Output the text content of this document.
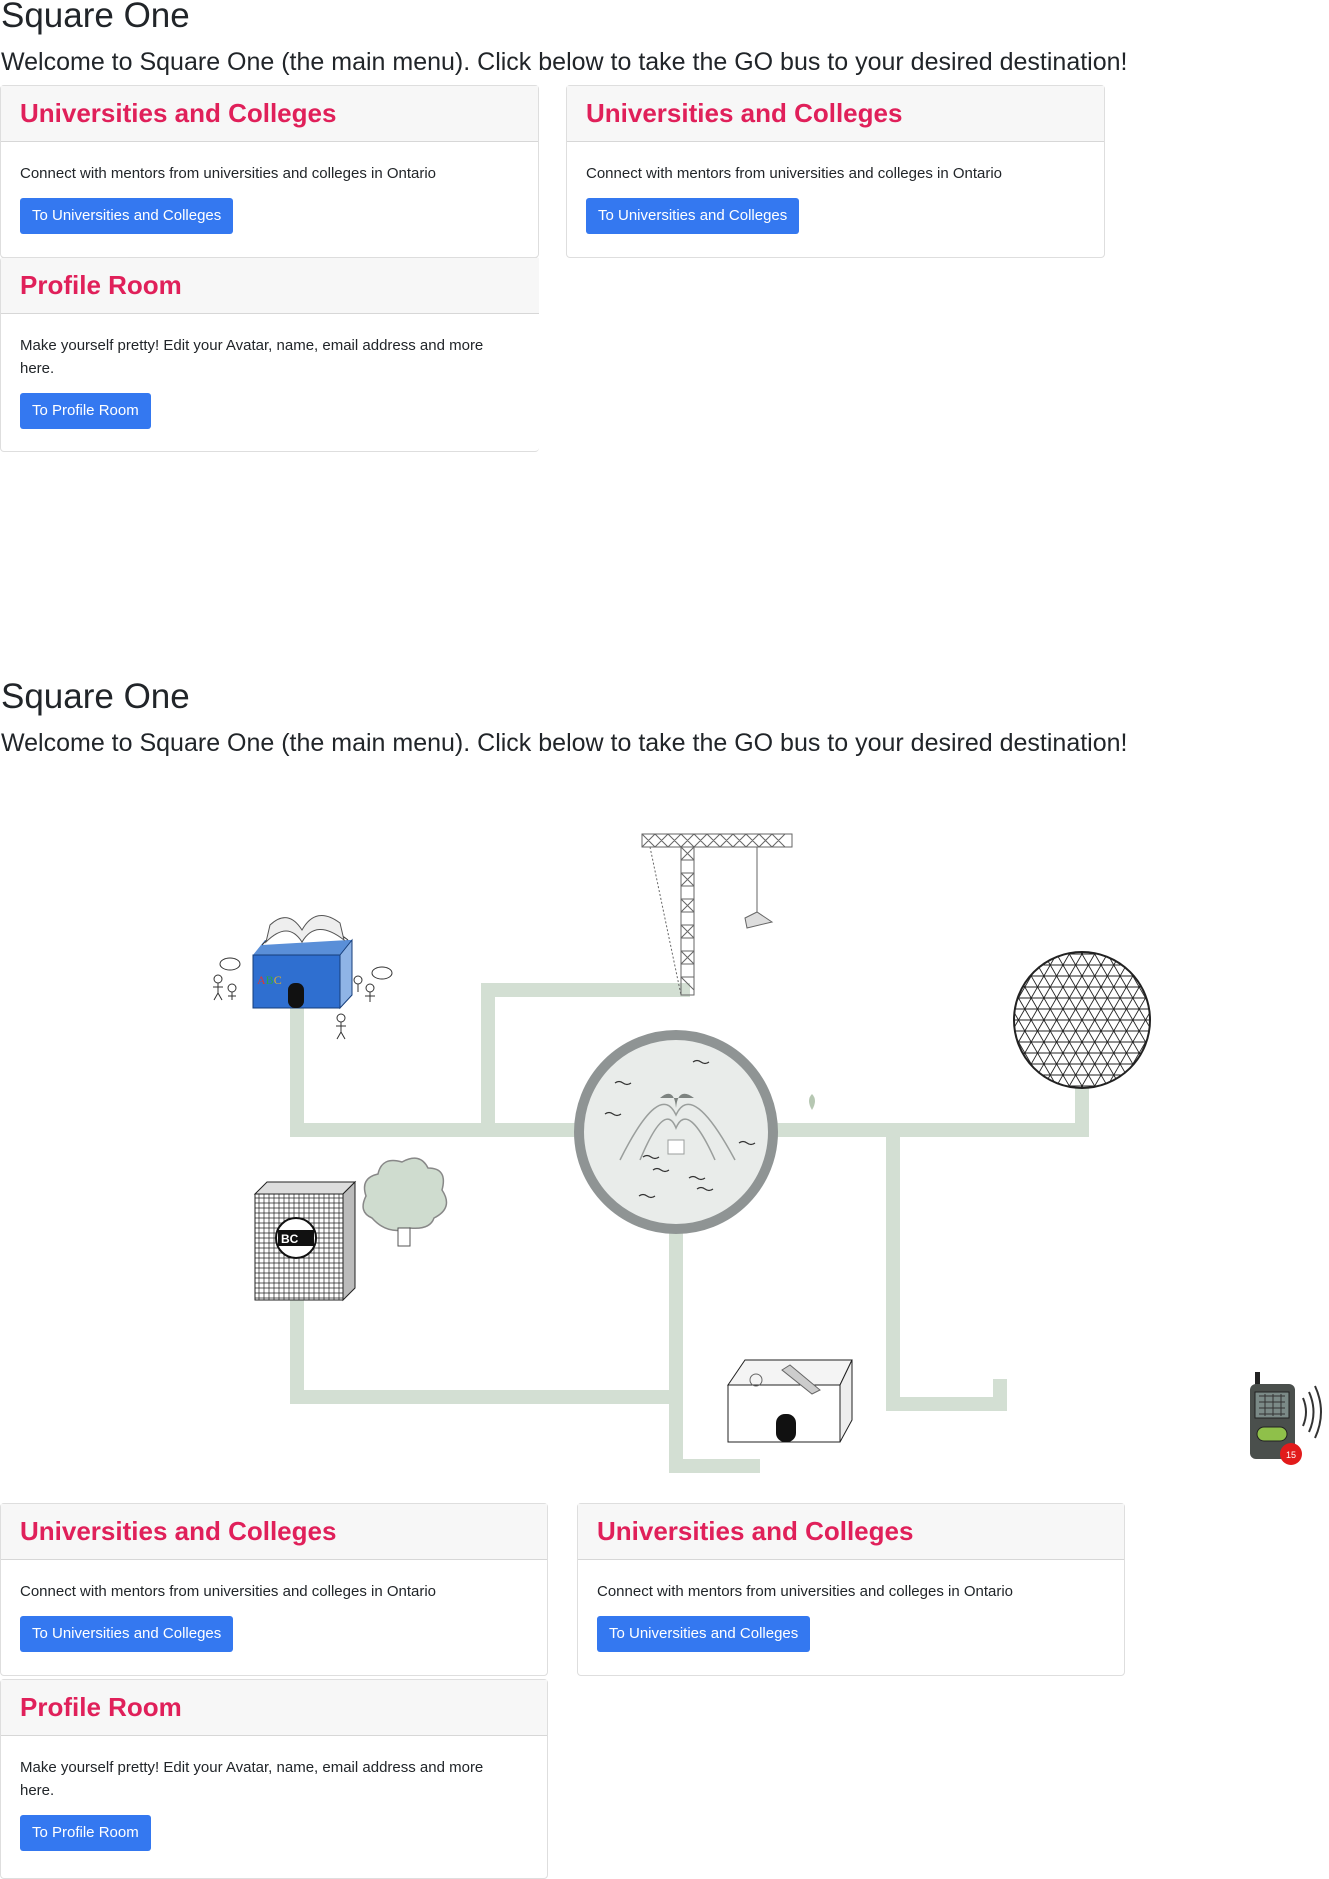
Square One

Welcome to Square One (the main menu). Click below to take the GO bus to your desired destination!

Universities and Colleges

Connect with mentors from universities and colleges in Ontario

To Universities and Colleges
Universities and Colleges

Connect with mentors from universities and colleges in Ontario

To Universities and Colleges
Profile Room

Make yourself pretty! Edit your Avatar, name, email address and more here.

To Profile Room
Square One

Welcome to Square One (the main menu). Click below to take the GO bus to your desired destination!

ABC
BC
15
Universities and Colleges

Connect with mentors from universities and colleges in Ontario

To Universities and Colleges
Universities and Colleges

Connect with mentors from universities and colleges in Ontario

To Universities and Colleges
Profile Room

Make yourself pretty! Edit your Avatar, name, email address and more here.

To Profile Room
